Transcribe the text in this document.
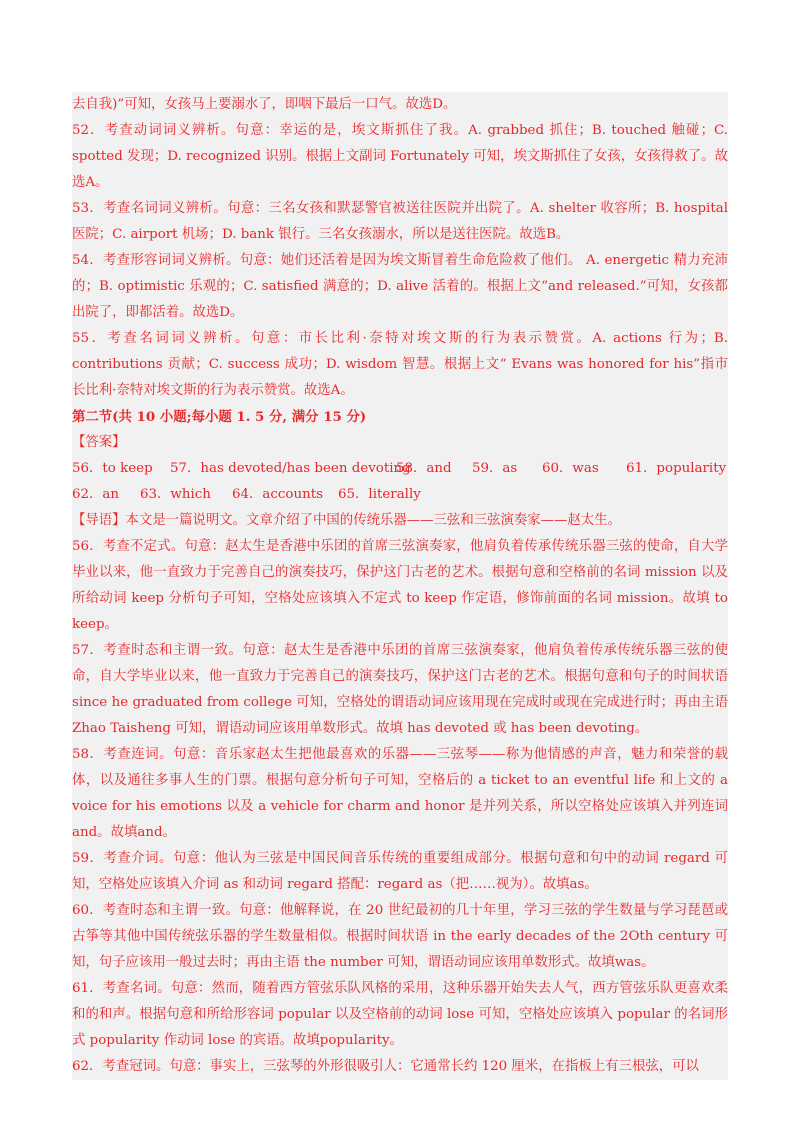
去自我)”可知，女孩马上要溺水了，即咽下最后一口气。故选D。

52．考查动词词义辨析。句意：幸运的是，埃文斯抓住了我。A. grabbed 抓住；B. touched 触碰；C. spotted 发现；D. recognized 识别。根据上文副词 Fortunately 可知，埃文斯抓住了女孩，女孩得救了。故选A。

53．考查名词词义辨析。句意：三名女孩和默瑟警官被送往医院并出院了。A. shelter 收容所；B. hospital 医院；C. airport 机场；D. bank 银行。三名女孩溺水，所以是送往医院。故选B。

54．考查形容词词义辨析。句意：她们还活着是因为埃文斯冒着生命危险救了他们。 A. energetic 精力充沛的；B. optimistic 乐观的；C. satisfied 满意的；D. alive 活着的。根据上文“and released.”可知，女孩都出院了，即都活着。故选D。

55．考查名词词义辨析。句意：市长比利·奈特对埃文斯的行为表示赞赏。A. actions 行为；B. contributions 贡献；C. success 成功；D. wisdom 智慧。根据上文“ Evans was honored for his”指市长比利·奈特对埃文斯的行为表示赞赏。故选A。

第二节(共 10 小题;每小题 1. 5 分, 满分 15 分)

【答案】

56．to keep	57．has devoted/has been devoting
58．and	59．as	60．was	61．popularity
62．an	63．which	64．accounts	65．literally

【导语】本文是一篇说明文。文章介绍了中国的传统乐器——三弦和三弦演奏家——赵太生。

56．考查不定式。句意：赵太生是香港中乐团的首席三弦演奏家，他肩负着传承传统乐器三弦的使命，自大学毕业以来，他一直致力于完善自己的演奏技巧，保护这门古老的艺术。根据句意和空格前的名词 mission 以及所给动词 keep 分析句子可知，空格处应该填入不定式 to keep 作定语，修饰前面的名词 mission。故填 to keep。

57．考查时态和主谓一致。句意：赵太生是香港中乐团的首席三弦演奏家，他肩负着传承传统乐器三弦的使命，自大学毕业以来，他一直致力于完善自己的演奏技巧，保护这门古老的艺术。根据句意和句子的时间状语 since he graduated from college 可知，空格处的谓语动词应该用现在完成时或现在完成进行时；再由主语 Zhao Taisheng 可知，谓语动词应该用单数形式。故填 has devoted 或 has been devoting。

58．考查连词。句意：音乐家赵太生把他最喜欢的乐器——三弦琴——称为他情感的声音，魅力和荣誉的载体，以及通往多事人生的门票。根据句意分析句子可知，空格后的 a ticket to an eventful life 和上文的 a voice for his emotions 以及 a vehicle for charm and honor 是并列关系，所以空格处应该填入并列连词 and。故填and。

59．考查介词。句意：他认为三弦是中国民间音乐传统的重要组成部分。根据句意和句中的动词 regard 可知，空格处应该填入介词 as 和动词 regard 搭配：regard as（把……视为）。故填as。

60．考查时态和主谓一致。句意：他解释说，在 20 世纪最初的几十年里，学习三弦的学生数量与学习琵琶或古筝等其他中国传统弦乐器的学生数量相似。根据时间状语 in the early decades of the 2Oth century 可知，句子应该用一般过去时；再由主语 the number 可知，谓语动词应该用单数形式。故填was。

61．考查名词。句意：然而，随着西方管弦乐队风格的采用，这种乐器开始失去人气，西方管弦乐队更喜欢柔和的和声。根据句意和所给形容词 popular 以及空格前的动词 lose 可知，空格处应该填入 popular 的名词形式 popularity 作动词 lose 的宾语。故填popularity。

62．考查冠词。句意：事实上，三弦琴的外形很吸引人：它通常长约 120 厘米，在指板上有三根弦，可以
